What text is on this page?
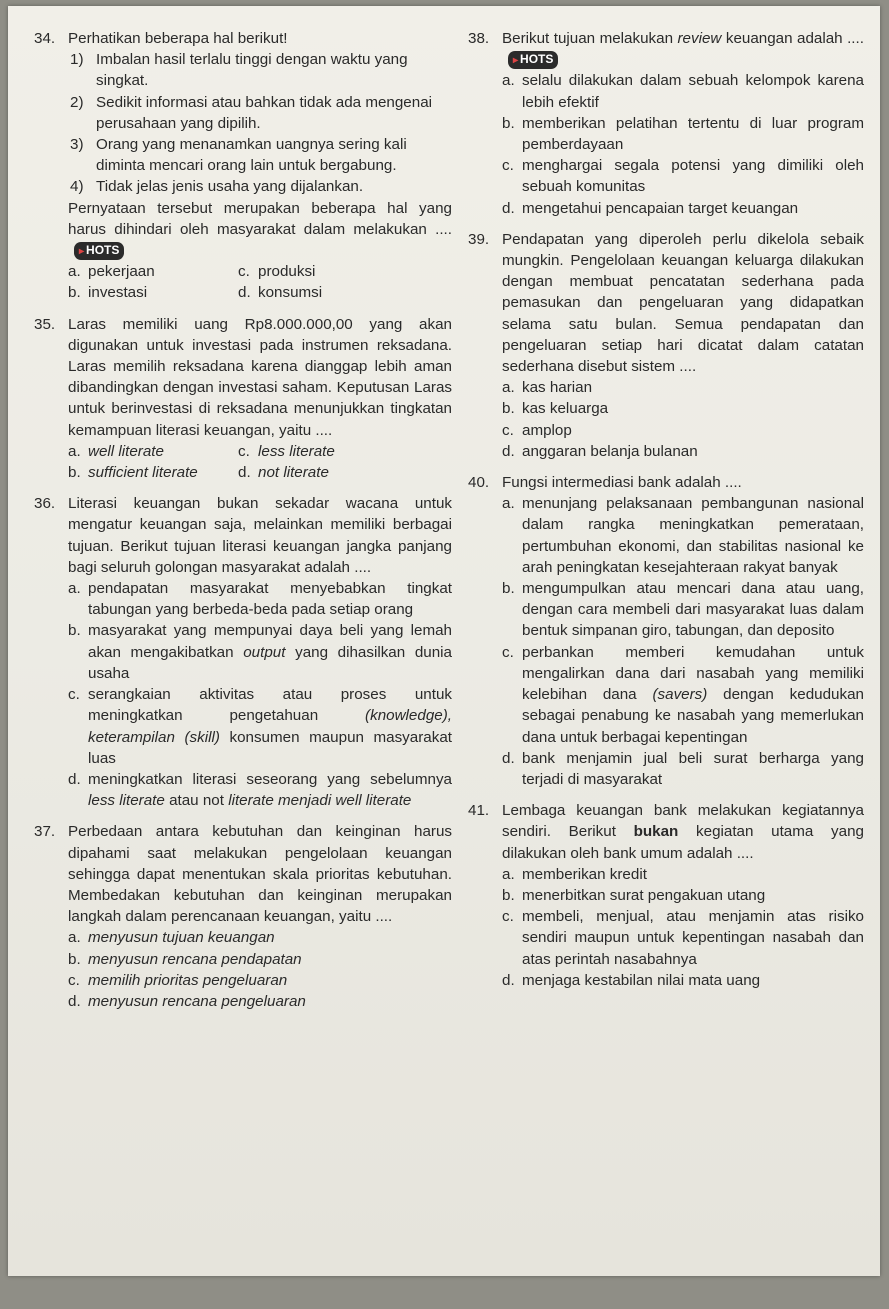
34. Perhatikan beberapa hal berikut!
1) Imbalan hasil terlalu tinggi dengan waktu yang singkat.
2) Sedikit informasi atau bahkan tidak ada mengenai perusahaan yang dipilih.
3) Orang yang menanamkan uangnya sering kali diminta mencari orang lain untuk bergabung.
4) Tidak jelas jenis usaha yang dijalankan.
Pernyataan tersebut merupakan beberapa hal yang harus dihindari oleh masyarakat dalam melakukan ....▸ HOTS
a. pekerjaan	c. produksi
b. investasi	d. konsumsi
35. Laras memiliki uang Rp8.000.000,00 yang akan digunakan untuk investasi pada instrumen reksadana. Laras memilih reksadana karena dianggap lebih aman dibandingkan dengan investasi saham. Keputusan Laras untuk berinvestasi di reksadana menunjukkan tingkatan kemampuan literasi keuangan, yaitu ....
a. well literate	c. less literate
b. sufficient literate	d. not literate
36. Literasi keuangan bukan sekadar wacana untuk mengatur keuangan saja, melainkan memiliki berbagai tujuan. Berikut tujuan literasi keuangan jangka panjang bagi seluruh golongan masyarakat adalah ....
a. pendapatan masyarakat menyebabkan tingkat tabungan yang berbeda-beda pada setiap orang
b. masyarakat yang mempunyai daya beli yang lemah akan mengakibatkan output yang dihasilkan dunia usaha
c. serangkaian aktivitas atau proses untuk meningkatkan pengetahuan	(knowledge), keterampilan (skill) konsumen maupun masyarakat luas
d. meningkatkan literasi seseorang yang sebelumnya less literate atau not literate menjadi well literate
37. Perbedaan antara kebutuhan dan keinginan harus dipahami saat melakukan pengelolaan keuangan sehingga dapat menentukan skala prioritas kebutuhan. Membedakan kebutuhan dan keinginan merupakan langkah dalam perencanaan keuangan, yaitu ....
a. menyusun tujuan keuangan
b. menyusun rencana pendapatan
c. memilih prioritas pengeluaran
d. menyusun rencana pengeluaran
38. Berikut tujuan melakukan review keuangan adalah ....▸ HOTS
a. selalu dilakukan dalam sebuah kelompok karena lebih efektif
b. memberikan pelatihan tertentu di luar program pemberdayaan
c. menghargai segala potensi yang dimiliki oleh sebuah komunitas
d. mengetahui pencapaian target keuangan
39. Pendapatan yang diperoleh perlu dikelola sebaik mungkin. Pengelolaan keuangan keluarga dilakukan dengan membuat pencatatan sederhana pada pemasukan dan pengeluaran yang didapatkan selama satu bulan. Semua pendapatan dan pengeluaran setiap hari dicatat dalam catatan sederhana disebut sistem ....
a. kas harian
b. kas keluarga
c. amplop
d. anggaran belanja bulanan
40. Fungsi intermediasi bank adalah ....
a. menunjang pelaksanaan pembangunan nasional dalam rangka meningkatkan pemerataan, pertumbuhan ekonomi, dan stabilitas nasional ke arah peningkatan kesejahteraan rakyat banyak
b. mengumpulkan atau mencari dana atau uang, dengan cara membeli dari masyarakat luas dalam bentuk simpanan giro, tabungan, dan deposito
c. perbankan memberi kemudahan untuk mengalirkan dana dari nasabah yang memiliki kelebihan dana (savers) dengan kedudukan sebagai penabung ke nasabah yang memerlukan dana untuk berbagai kepentingan
d. bank menjamin jual beli surat berharga yang terjadi di masyarakat
41. Lembaga keuangan bank melakukan kegiatannya sendiri. Berikut bukan kegiatan utama yang dilakukan oleh bank umum adalah ....
a. memberikan kredit
b. menerbitkan surat pengakuan utang
c. membeli, menjual, atau menjamin atas risiko sendiri maupun untuk kepentingan nasabah dan atas perintah nasabahnya
d. menjaga kestabilan nilai mata uang
